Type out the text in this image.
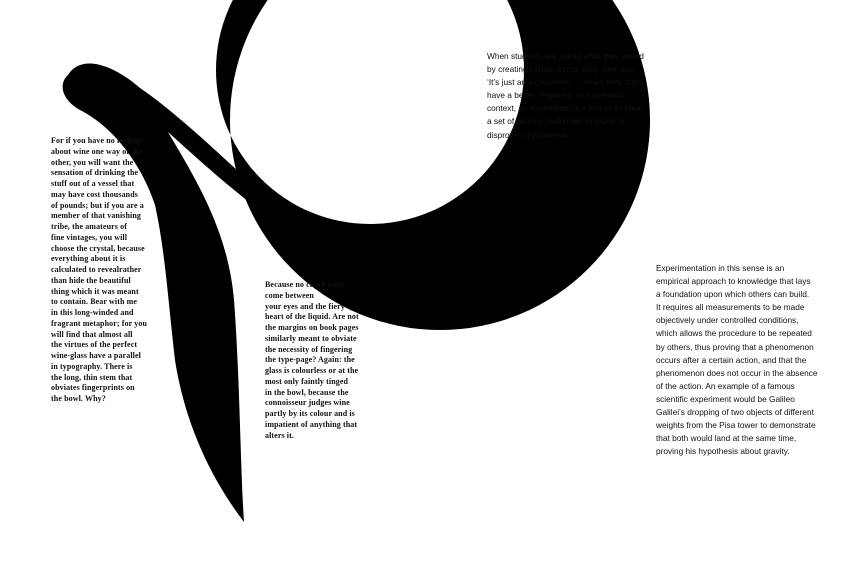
For if you have no feelings
about wine one way or the
other, you will want the
sensation of drinking the
stuff out of a vessel that
may have cost thousands
of pounds; but if you are a
member of that vanishing
tribe, the amateurs of
fine vintages, you will
choose the crystal, because
everything about it is
calculated to revealrather
than hide the beautiful
thing which it was meant
to contain. Bear with me
in this long-winded and
fragrant metaphor; for you
will find that almost all
the virtues of the perfect
wine-glass have a parallel
in typography. There is
the long, thin stem that
obviates fingerprints on
the bowl. Why?
Because no cloud must
come between
your eyes and the fiery
heart of the liquid. Are not
the margins on book pages
similarly meant to obviate
the necessity of fingering
the type-page? Again: the
glass is colourless or at the
most only faintly tinged
in the bowl, because the
connoisseur judges wine
partly by its colour and is
impatient of anything that
alters it.
When students are asked what they intend
by creating certain forms, they often say,
‘It’s just an experiment…’, when they don’t
have a better response. In a scientific
context, an experiment is a test of an idea;
a set of actions performed to prove or
disprove a hypothesis.
Experimentation in this sense is an
empirical approach to knowledge that lays
a foundation upon which others can build.
It requires all measurements to be made
objectively under controlled conditions,
which allows the procedure to be repeated
by others, thus proving that a phenomenon
occurs after a certain action, and that the
phenomenon does not occur in the absence
of the action. An example of a famous
scientific experiment would be Galileo
Galilei’s dropping of two objects of different
weights from the Pisa tower to demonstrate
that both would land at the same time,
proving his hypothesis about gravity.
